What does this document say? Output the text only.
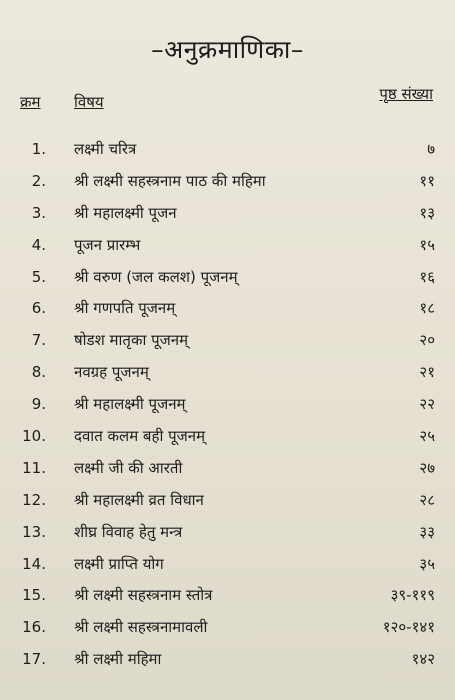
–अनुक्रमाणिका–
क्रम विषय	पृष्ठ संख्या
1. लक्ष्मी चरित्र	७
2. श्री लक्ष्मी सहस्त्रनाम पाठ की महिमा	११
3. श्री महालक्ष्मी पूजन	१३
4. पूजन प्रारम्भ	१५
5. श्री वरुण (जल कलश) पूजनम्	१६
6. श्री गणपति पूजनम्	१८
7. षोडश मातृका पूजनम्	२०
8. नवग्रह पूजनम्	२१
9. श्री महालक्ष्मी पूजनम्	२२
10. दवात कलम बही पूजनम्	२५
11. लक्ष्मी जी की आरती	२७
12. श्री महालक्ष्मी व्रत विधान	२८
13. शीघ्र विवाह हेतु मन्त्र	३३
14. लक्ष्मी प्राप्ति योग	३५
15. श्री लक्ष्मी सहस्त्रनाम स्तोत्र	३९-११९
16. श्री लक्ष्मी सहस्त्रनामावली	१२०-१४१
17. श्री लक्ष्मी महिमा	१४२
